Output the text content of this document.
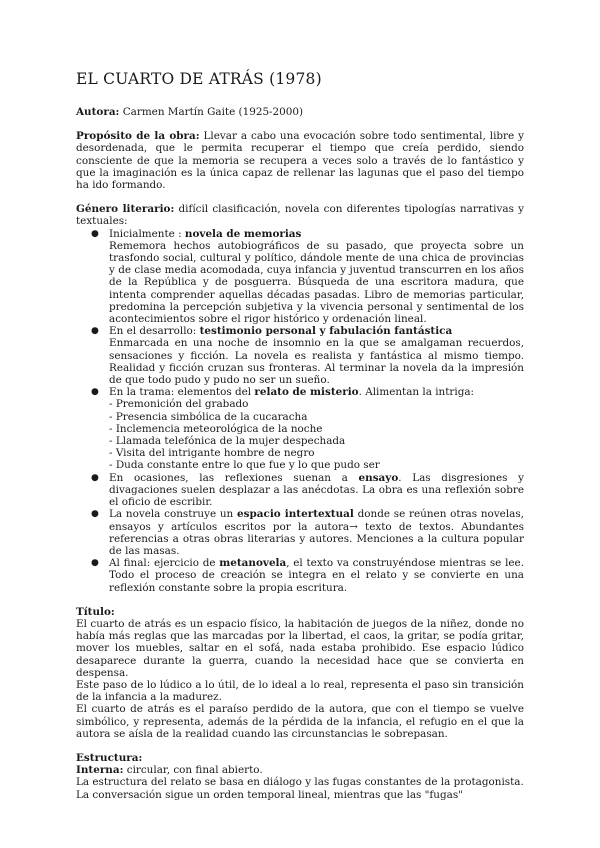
EL CUARTO DE ATRÁS (1978)

Autora: Carmen Martín Gaite (1925-2000)

Propósito de la obra: Llevar a cabo una evocación sobre todo sentimental, libre y desordenada, que le permita recuperar el tiempo que creía perdido, siendo consciente de que la memoria se recupera a veces solo a través de lo fantástico y que la imaginación es la única capaz de rellenar las lagunas que el paso del tiempo ha ido formando.

Género literario: difícil clasificación, novela con diferentes tipologías narrativas y textuales:

● Inicialmente : novela de memorias

Rememora hechos autobiográficos de su pasado, que proyecta sobre un trasfondo social, cultural y político, dándole mente de una chica de provincias y de clase media acomodada, cuya infancia y juventud transcurren en los años de la República y de posguerra. Búsqueda de una escritora madura, que intenta comprender aquellas décadas pasadas. Libro de memorias particular, predomina la percepción subjetiva y la vivencia personal y sentimental de los acontecimientos sobre el rigor histórico y ordenación lineal.

● En el desarrollo: testimonio personal y fabulación fantástica

Enmarcada en una noche de insomnio en la que se amalgaman recuerdos, sensaciones y ficción. La novela es realista y fantástica al mismo tiempo. Realidad y ficción cruzan sus fronteras. Al terminar la novela da la impresión de que todo pudo y pudo no ser un sueño.

● En la trama: elementos del relato de misterio. Alimentan la intriga:

- Premonición del grabado
- Presencia simbólica de la cucaracha
- Inclemencia meteorológica de la noche
- Llamada telefónica de la mujer despechada
- Visita del intrigante hombre de negro
- Duda constante entre lo que fue y lo que pudo ser
● En ocasiones, las reflexiones suenan a ensayo. Las disgresiones y divagaciones suelen desplazar a las anécdotas. La obra es una reflexión sobre el oficio de escribir.

● La novela construye un espacio intertextual donde se reúnen otras novelas, ensayos y artículos escritos por la autora→ texto de textos. Abundantes referencias a otras obras literarias y autores. Menciones a la cultura popular de las masas.

● Al final: ejercicio de metanovela, el texto va construyéndose mientras se lee. Todo el proceso de creación se integra en el relato y se convierte en una reflexión constante sobre la propia escritura.

Título:

El cuarto de atrás es un espacio físico, la habitación de juegos de la niñez, donde no había más reglas que las marcadas por la libertad, el caos, la gritar, se podía gritar, mover los muebles, saltar en el sofá, nada estaba prohibido. Ese espacio lúdico desaparece durante la guerra, cuando la necesidad hace que se convierta en despensa.

Este paso de lo lúdico a lo útil, de lo ideal a lo real, representa el paso sin transición de la infancia a la madurez.

El cuarto de atrás es el paraíso perdido de la autora, que con el tiempo se vuelve simbólico, y representa, además de la pérdida de la infancia, el refugio en el que la autora se aísla de la realidad cuando las circunstancias le sobrepasan.

Estructura:

Interna: circular, con final abierto.

La estructura del relato se basa en diálogo y las fugas constantes de la protagonista.

La conversación sigue un orden temporal lineal, mientras que las "fugas"
